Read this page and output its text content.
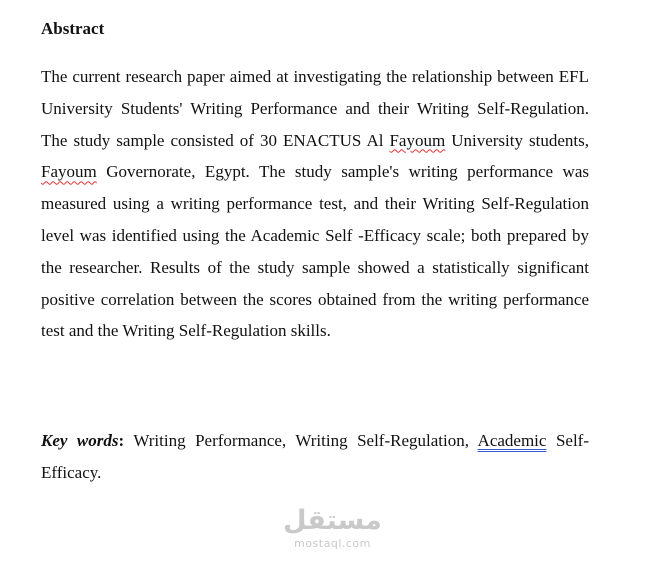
Abstract

The current research paper aimed at investigating the relationship between EFL University Students' Writing Performance and their Writing Self-Regulation. The study sample consisted of 30 ENACTUS Al Fayoum University students, Fayoum Governorate, Egypt. The study sample's writing performance was measured using a writing performance test, and their Writing Self-Regulation level was identified using the Academic Self -Efficacy scale; both prepared by the researcher. Results of the study sample showed a statistically significant positive correlation between the scores obtained from the writing performance test and the Writing Self-Regulation skills.

Key words: Writing Performance, Writing Self-Regulation, Academic Self-Efficacy.

مستقل
mostaql.com
